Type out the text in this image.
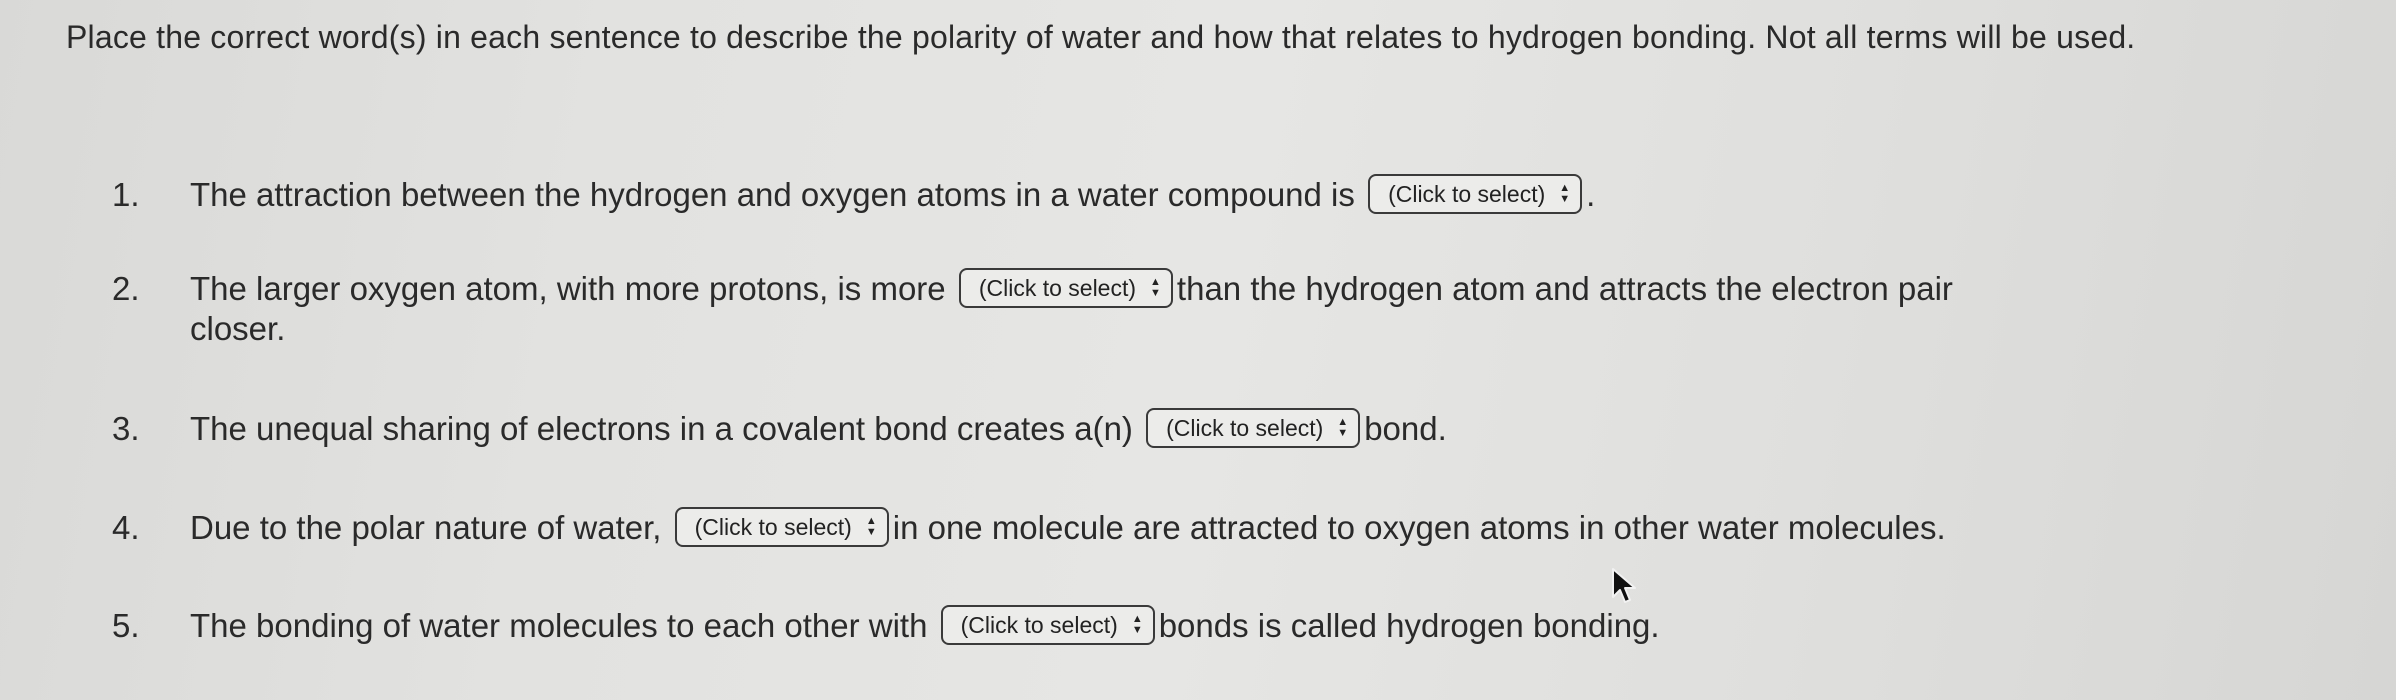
Place the correct word(s) in each sentence to describe the polarity of water and how that relates to hydrogen bonding. Not all terms will be used.
1. The attraction between the hydrogen and oxygen atoms in a water compound is (Click to select) ▲
▼ .
2. The larger oxygen atom, with more protons, is more (Click to select) ▲
▼ than the hydrogen atom and attracts the electron pair
closer.
3. The unequal sharing of electrons in a covalent bond creates a(n) (Click to select) ▲
▼ bond.
4. Due to the polar nature of water, (Click to select) ▲
▼ in one molecule are attracted to oxygen atoms in other water molecules.
5. The bonding of water molecules to each other with (Click to select) ▲
▼ bonds is called hydrogen bonding.
